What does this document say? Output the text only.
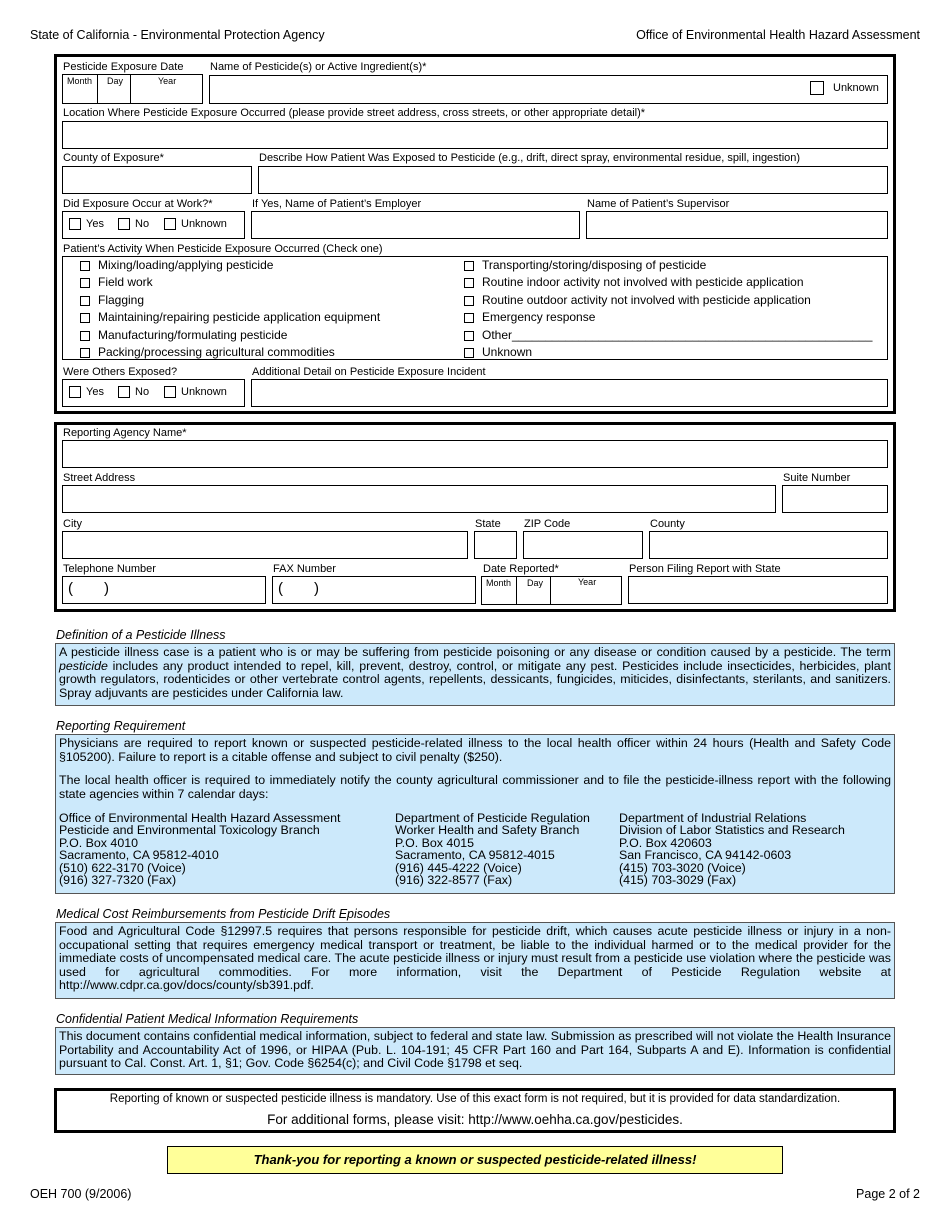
State of California - Environmental Protection Agency	Office of Environmental Health Hazard Assessment
Pesticide Exposure Date
Month Day	Year
Name of Pesticide(s) or Active Ingredient(s)*
Unknown
Location Where Pesticide Exposure Occurred (please provide street address, cross streets, or other appropriate detail)*
County of Exposure*	Describe How Patient Was Exposed to Pesticide (e.g., drift, direct spray, environmental residue, spill, ingestion)
Did Exposure Occur at Work?*
Yes	No	Unknown
If Yes, Name of Patient’s Employer	Name of Patient’s Supervisor
Patient’s Activity When Pesticide Exposure Occurred (Check one)
Mixing/loading/applying pesticide
Field work
Flagging
Maintaining/repairing pesticide application equipment
Manufacturing/formulating pesticide
Packing/processing agricultural commodities
Transporting/storing/disposing of pesticide
Routine indoor activity not involved with pesticide application
Routine outdoor activity not involved with pesticide application
Emergency response
Other______________________________________________________
Unknown
Were Others Exposed?
Yes	No	Unknown
Additional Detail on Pesticide Exposure Incident
Reporting Agency Name*
Street Address	Suite Number
City	State ZIP Code	County
Telephone Number
( )
FAX Number
( )
Date Reported*
Month Day	Year
Person Filing Report with State
Definition of a Pesticide Illness

A pesticide illness case is a patient who is or may be suffering from pesticide poisoning or any disease or condition caused by a pesticide. The term pesticide includes any product intended to repel, kill, prevent, destroy, control, or mitigate any pest. Pesticides include insecticides, herbicides, plant growth regulators, rodenticides or other vertebrate control agents, repellents, dessicants, fungicides, miticides, disinfectants, sterilants, and sanitizers. Spray adjuvants are pesticides under California law.

Reporting Requirement

Physicians are required to report known or suspected pesticide-related illness to the local health officer within 24 hours (Health and Safety Code §105200). Failure to report is a citable offense and subject to civil penalty ($250).

The local health officer is required to immediately notify the county agricultural commissioner and to file the pesticide-illness report with the following state agencies within 7 calendar days:

Office of Environmental Health Hazard Assessment
Pesticide and Environmental Toxicology Branch
P.O. Box 4010
Sacramento, CA 95812-4010
(510) 622-3170 (Voice)
(916) 327-7320 (Fax)
Department of Pesticide Regulation
Worker Health and Safety Branch
P.O. Box 4015
Sacramento, CA 95812-4015
(916) 445-4222 (Voice)
(916) 322-8577 (Fax)
Department of Industrial Relations
Division of Labor Statistics and Research
P.O. Box 420603
San Francisco, CA 94142-0603
(415) 703-3020 (Voice)
(415) 703-3029 (Fax)
Medical Cost Reimbursements from Pesticide Drift Episodes

Food and Agricultural Code §12997.5 requires that persons responsible for pesticide drift, which causes acute pesticide illness or injury in a non-occupational setting that requires emergency medical transport or treatment, be liable to the individual harmed or to the medical provider for the immediate costs of uncompensated medical care. The acute pesticide illness or injury must result from a pesticide use violation where the pesticide was used for agricultural commodities. For more information, visit the Department of Pesticide Regulation website at http://www.cdpr.ca.gov/docs/county/sb391.pdf.

Confidential Patient Medical Information Requirements

This document contains confidential medical information, subject to federal and state law. Submission as prescribed will not violate the Health Insurance Portability and Accountability Act of 1996, or HIPAA (Pub. L. 104-191; 45 CFR Part 160 and Part 164, Subparts A and E). Information is confidential pursuant to Cal. Const. Art. 1, §1; Gov. Code §6254(c); and Civil Code §1798 et seq.

Reporting of known or suspected pesticide illness is mandatory. Use of this exact form is not required, but it is provided for data standardization.
For additional forms, please visit: http://www.oehha.ca.gov/pesticides.
Thank-you for reporting a known or suspected pesticide-related illness!
OEH 700 (9/2006)	Page 2 of 2
